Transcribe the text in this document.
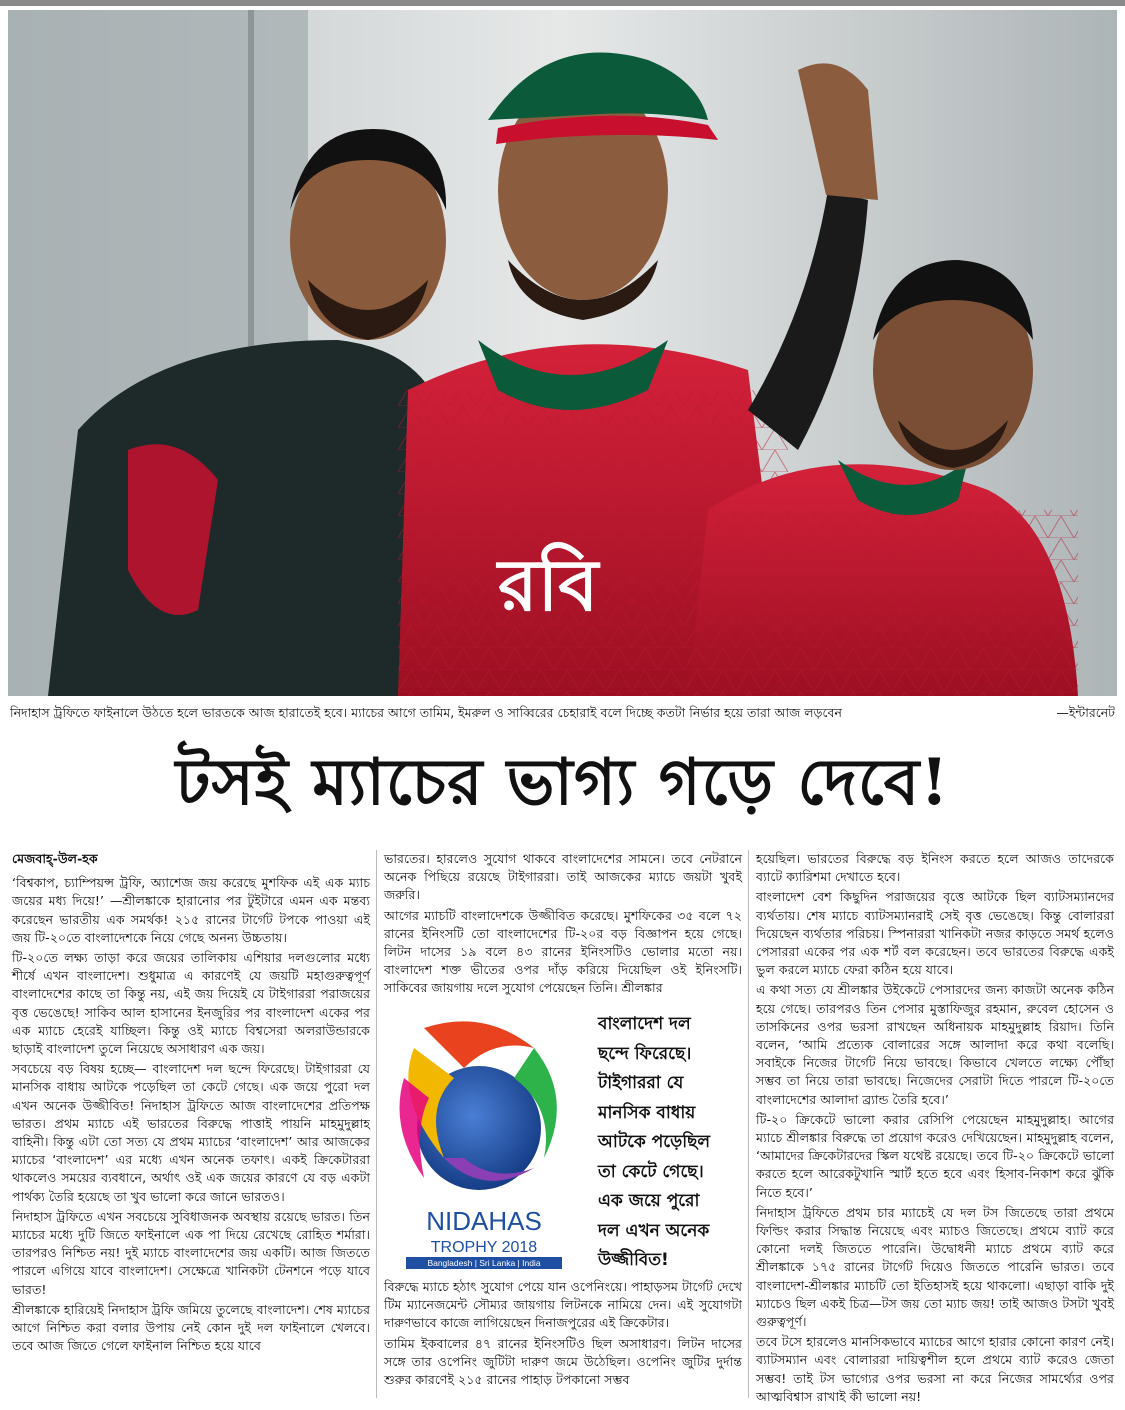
রবি
নিদাহাস ট্রফিতে ফাইনালে উঠতে হলে ভারতকে আজ হারাতেই হবে। ম্যাচের আগে তামিম, ইমরুল ও সাব্বিরের চেহারাই বলে দিচ্ছে কতটা নির্ভার হয়ে তারা আজ লড়বেন	—ইন্টারনেট
টসই ম্যাচের ভাগ্য গড়ে দেবে!

মেজবাহ্-উল-হক

‘বিশ্বকাপ, চ্যাম্পিয়ন্স ট্রফি, অ্যাশেজ জয় করেছে মুশফিক এই এক ম্যাচ জয়ের মধ্য দিয়ে!’ —শ্রীলঙ্কাকে হারানোর পর টুইটারে এমন এক মন্তব্য করেছেন ভারতীয় এক সমর্থক! ২১৫ রানের টার্গেট টপকে পাওয়া এই জয় টি-২০তে বাংলাদেশকে নিয়ে গেছে অনন্য উচ্চতায়।

টি-২০তে লক্ষ্য তাড়া করে জয়ের তালিকায় এশিয়ার দলগুলোর মধ্যে শীর্ষে এখন বাংলাদেশ। শুধুমাত্র এ কারণেই যে জয়টি মহাগুরুত্বপূর্ণ বাংলাদেশের কাছে তা কিন্তু নয়, এই জয় দিয়েই যে টাইগাররা পরাজয়ের বৃত্ত ভেঙেছে! সাকিব আল হাসানের ইনজুরির পর বাংলাদেশ একের পর এক ম্যাচে হেরেই যাচ্ছিল। কিন্তু ওই ম্যাচে বিশ্বসেরা অলরাউন্ডারকে ছাড়াই বাংলাদেশ তুলে নিয়েছে অসাধারণ এক জয়।

সবচেয়ে বড় বিষয় হচ্ছে— বাংলাদেশ দল ছন্দে ফিরেছে। টাইগাররা যে মানসিক বাধায় আটকে পড়েছিল তা কেটে গেছে। এক জয়ে পুরো দল এখন অনেক উজ্জীবিত! নিদাহাস ট্রফিতে আজ বাংলাদেশের প্রতিপক্ষ ভারত। প্রথম ম্যাচে এই ভারতের বিরুদ্ধে পাত্তাই পায়নি মাহমুদুল্লাহ বাহিনী। কিন্তু এটা তো সত্য যে প্রথম ম্যাচের ‘বাংলাদেশ’ আর আজকের ম্যাচের ‘বাংলাদেশ’ এর মধ্যে এখন অনেক তফাৎ। একই ক্রিকেটাররা থাকলেও সময়ের ব্যবধানে, অর্থাৎ ওই এক জয়ের কারণে যে বড় একটা পার্থক্য তৈরি হয়েছে তা খুব ভালো করে জানে ভারতও।

নিদাহাস ট্রফিতে এখন সবচেয়ে সুবিধাজনক অবস্থায় রয়েছে ভারত। তিন ম্যাচের মধ্যে দুটি জিতে ফাইনালে এক পা দিয়ে রেখেছে রোহিত শর্মারা। তারপরও নিশ্চিত নয়! দুই ম্যাচে বাংলাদেশের জয় একটি। আজ জিততে পারলে এগিয়ে যাবে বাংলাদেশ। সেক্ষেত্রে খানিকটা টেনশনে পড়ে যাবে ভারত!

শ্রীলঙ্কাকে হারিয়েই নিদাহাস ট্রফি জমিয়ে তুলেছে বাংলাদেশ। শেষ ম্যাচের আগে নিশ্চিত করা বলার উপায় নেই কোন দুই দল ফাইনালে খেলবে। তবে আজ জিতে গেলে ফাইনাল নিশ্চিত হয়ে যাবে

ভারতের। হারলেও সুযোগ থাকবে বাংলাদেশের সামনে। তবে নেটরানে অনেক পিছিয়ে রয়েছে টাইগাররা। তাই আজকের ম্যাচে জয়টা খুবই জরুরি।

আগের ম্যাচটি বাংলাদেশকে উজ্জীবিত করেছে। মুশফিকের ৩৫ বলে ৭২ রানের ইনিংসটি তো বাংলাদেশের টি-২০র বড় বিজ্ঞাপন হয়ে গেছে। লিটন দাসের ১৯ বলে ৪৩ রানের ইনিংসটিও ভোলার মতো নয়। বাংলাদেশ শক্ত ভীতের ওপর দাঁড় করিয়ে দিয়েছিল ওই ইনিংসটি। সাকিবের জায়গায় দলে সুযোগ পেয়েছেন তিনি। শ্রীলঙ্কার

NIDAHAS
TROPHY 2018
Bangladesh | Sri Lanka | India
বাংলাদেশ দল
ছন্দে ফিরেছে।
টাইগাররা যে
মানসিক বাধায়
আটকে পড়েছিল
তা কেটে গেছে।
এক জয়ে পুরো
দল এখন অনেক
উজ্জীবিত!

বিরুদ্ধে ম্যাচে হঠাৎ সুযোগ পেয়ে যান ওপেনিংয়ে। পাহাড়সম টার্গেট দেখে টিম ম্যানেজমেন্ট সৌম্যর জায়গায় লিটনকে নামিয়ে দেন। এই সুযোগটা দারুণভাবে কাজে লাগিয়েছেন দিনাজপুরের এই ক্রিকেটার।

তামিম ইকবালের ৪৭ রানের ইনিংসটিও ছিল অসাধারণ। লিটন দাসের সঙ্গে তার ওপেনিং জুটিটা দারুণ জমে উঠেছিল। ওপেনিং জুটির দুর্দান্ত শুরুর কারণেই ২১৫ রানের পাহাড় টপকানো সম্ভব

হয়েছিল। ভারতের বিরুদ্ধে বড় ইনিংস করতে হলে আজও তাদেরকে ব্যাটে ক্যারিশমা দেখাতে হবে।

বাংলাদেশ বেশ কিছুদিন পরাজয়ের বৃত্তে আটকে ছিল ব্যাটসম্যানদের ব্যর্থতায়। শেষ ম্যাচে ব্যাটসম্যানরাই সেই বৃত্ত ভেঙেছে। কিন্তু বোলাররা দিয়েছেন ব্যর্থতার পরিচয়। স্পিনাররা খানিকটা নজর কাড়তে সমর্থ হলেও পেসাররা একের পর এক শর্ট বল করেছেন। তবে ভারতের বিরুদ্ধে একই ভুল করলে ম্যাচে ফেরা কঠিন হয়ে যাবে।

এ কথা সত্য যে শ্রীলঙ্কার উইকেটে পেসারদের জন্য কাজটা অনেক কঠিন হয়ে গেছে। তারপরও তিন পেসার মুস্তাফিজুর রহমান, রুবেল হোসেন ও তাসকিনের ওপর ভরসা রাখছেন অধিনায়ক মাহমুদুল্লাহ রিয়াদ। তিনি বলেন, ‘আমি প্রত্যেক বোলারের সঙ্গে আলাদা করে কথা বলেছি। সবাইকে নিজের টার্গেট নিয়ে ভাবছে। কিভাবে খেলতে লক্ষ্যে পৌঁছা সম্ভব তা নিয়ে তারা ভাবছে। নিজেদের সেরাটা দিতে পারলে টি-২০তে বাংলাদেশের আলাদা ব্র্যান্ড তৈরি হবে।’

টি-২০ ক্রিকেটে ভালো করার রেসিপি পেয়েছেন মাহমুদুল্লাহ। আগের ম্যাচে শ্রীলঙ্কার বিরুদ্ধে তা প্রয়োগ করেও দেখিয়েছেন। মাহমুদুল্লাহ বলেন, ‘আমাদের ক্রিকেটারদের স্কিল যথেষ্ট রয়েছে। তবে টি-২০ ক্রিকেটে ভালো করতে হলে আরেকটুখানি স্মার্ট হতে হবে এবং হিসাব-নিকাশ করে ঝুঁকি নিতে হবে।’

নিদাহাস ট্রফিতে প্রথম চার ম্যাচেই যে দল টস জিতেছে তারা প্রথমে ফিল্ডিং করার সিদ্ধান্ত নিয়েছে এবং ম্যাচও জিতেছে। প্রথমে ব্যাট করে কোনো দলই জিততে পারেনি। উদ্বোধনী ম্যাচে প্রথমে ব্যাট করে শ্রীলঙ্কাকে ১৭৫ রানের টার্গেট দিয়েও জিততে পারেনি ভারত। তবে বাংলাদেশ-শ্রীলঙ্কার ম্যাচটি তো ইতিহাসই হয়ে থাকলো। এছাড়া বাকি দুই ম্যাচেও ছিল একই চিত্র—টস জয় তো ম্যাচ জয়! তাই আজও টসটা খুবই গুরুত্বপূর্ণ।

তবে টসে হারলেও মানসিকভাবে ম্যাচের আগে হারার কোনো কারণ নেই। ব্যাটসম্যান এবং বোলাররা দায়িত্বশীল হলে প্রথমে ব্যাট করেও জেতা সম্ভব! তাই টস ভাগ্যের ওপর ভরসা না করে নিজের সামর্থ্যের ওপর আত্মবিশ্বাস রাখাই কী ভালো নয়!
